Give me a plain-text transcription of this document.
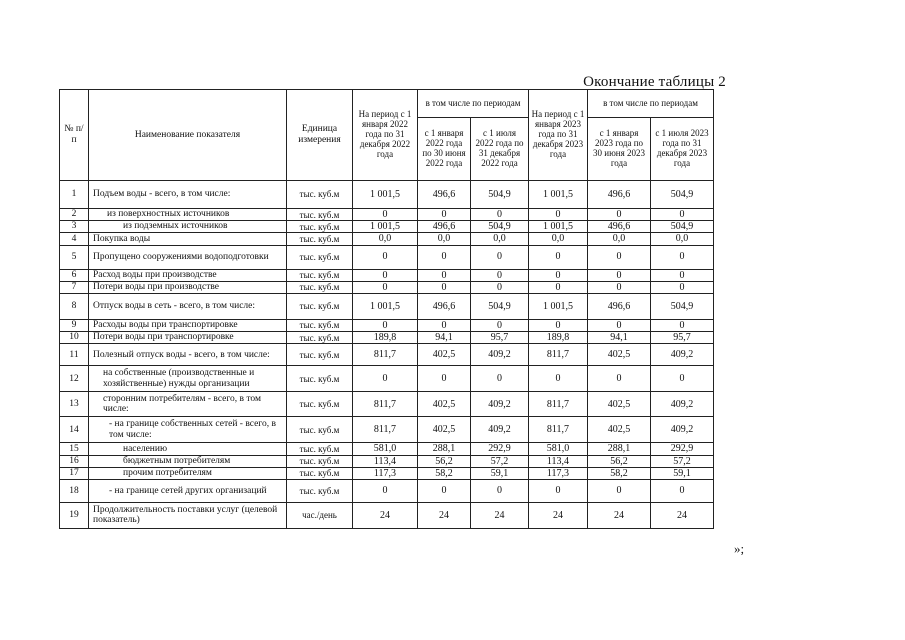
Окончание таблицы 2
№ п/п	Наименование показателя	Единица измерения	На период с 1 января 2022 года по 31 декабря 2022 года	в том числе по периодам		На период с 1 января 2023 года по 31 декабря 2023 года	в том числе по периодам	
				с 1 января 2022 года по 30 июня 2022 года	с 1 июля 2022 года по 31 декабря 2022 года		с 1 января 2023 года по 30 июня 2023 года	с 1 июля 2023 года по 31 декабря 2023 года
1	Подъем воды - всего, в том числе:	тыс. куб.м	1 001,5	496,6	504,9	1 001,5	496,6	504,9
2	из поверхностных источников	тыс. куб.м	0	0	0	0	0	0
3	из подземных источников	тыс. куб.м	1 001,5	496,6	504,9	1 001,5	496,6	504,9
4	Покупка воды	тыс. куб.м	0,0	0,0	0,0	0,0	0,0	0,0
5	Пропущено сооружениями водоподготовки	тыс. куб.м	0	0	0	0	0	0
6	Расход воды при производстве	тыс. куб.м	0	0	0	0	0	0
7	Потери воды при производстве	тыс. куб.м	0	0	0	0	0	0
8	Отпуск воды в сеть - всего, в том числе:	тыс. куб.м	1 001,5	496,6	504,9	1 001,5	496,6	504,9
9	Расходы воды при транспортировке	тыс. куб.м	0	0	0	0	0	0
10	Потери воды при транспортировке	тыс. куб.м	189,8	94,1	95,7	189,8	94,1	95,7
11	Полезный отпуск воды - всего, в том числе:	тыс. куб.м	811,7	402,5	409,2	811,7	402,5	409,2
12	на собственные (производственные и хозяйственные) нужды организации	тыс. куб.м	0	0	0	0	0	0
13	сторонним потребителям - всего, в том числе:	тыс. куб.м	811,7	402,5	409,2	811,7	402,5	409,2
14	- на границе собственных сетей - всего, в том числе:	тыс. куб.м	811,7	402,5	409,2	811,7	402,5	409,2
15	населению	тыс. куб.м	581,0	288,1	292,9	581,0	288,1	292,9
16	бюджетным потребителям	тыс. куб.м	113,4	56,2	57,2	113,4	56,2	57,2
17	прочим потребителям	тыс. куб.м	117,3	58,2	59,1	117,3	58,2	59,1
18	- на границе сетей других организаций	тыс. куб.м	0	0	0	0	0	0
19	Продолжительность поставки услуг (целевой показатель)	час./день	24	24	24	24	24	24
»;
